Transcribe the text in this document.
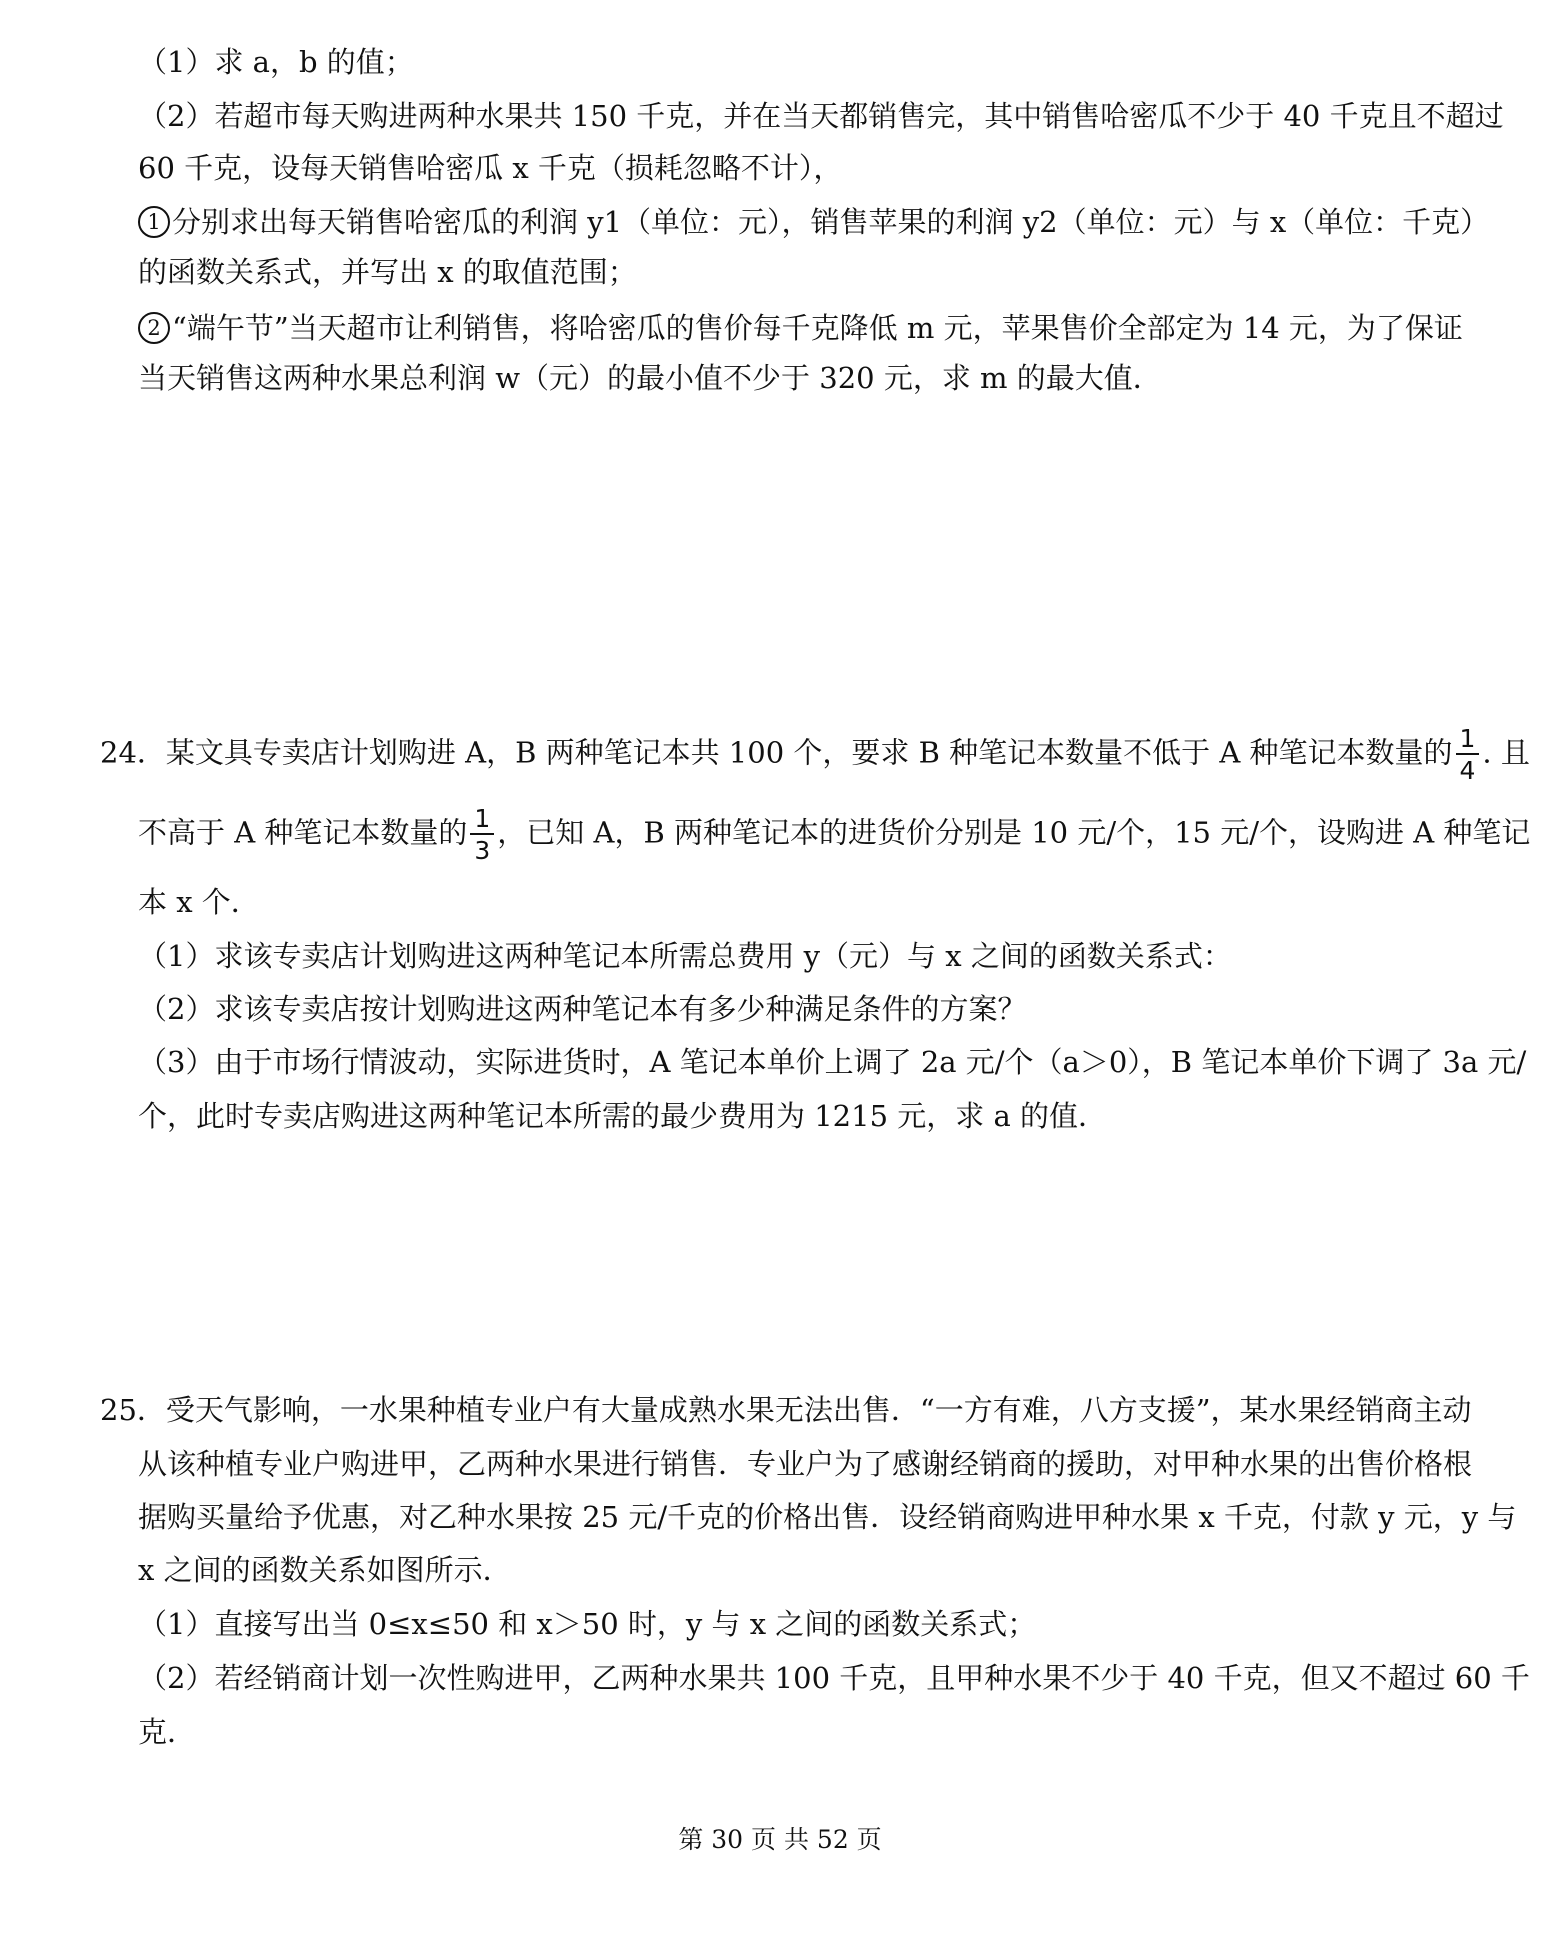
（1）求 a，b 的值；
（2）若超市每天购进两种水果共 150 千克，并在当天都销售完，其中销售哈密瓜不少于 40 千克且不超过
60 千克，设每天销售哈密瓜 x 千克（损耗忽略不计），
1 分别求出每天销售哈密瓜的利润 y1（单位：元），销售苹果的利润 y2（单位：元）与 x（单位：千克）
的函数关系式，并写出 x 的取值范围；
2 “端午节”当天超市让利销售，将哈密瓜的售价每千克降低 m 元，苹果售价全部定为 14 元，为了保证
当天销售这两种水果总利润 w（元）的最小值不少于 320 元，求 m 的最大值．
24．某文具专卖店计划购进 A，B 两种笔记本共 100 个，要求 B 种笔记本数量不低于 A 种笔记本数量的 $\frac{1}{4}$ . 且
不高于 A 种笔记本数量的 $\frac{1}{3}$ ，已知 A，B 两种笔记本的进货价分别是 10 元/个，15 元/个，设购进 A 种笔记
本 x 个．
（1）求该专卖店计划购进这两种笔记本所需总费用 y（元）与 x 之间的函数关系式：
（2）求该专卖店按计划购进这两种笔记本有多少种满足条件的方案？
（3）由于市场行情波动，实际进货时，A 笔记本单价上调了 2a 元/个（a＞0），B 笔记本单价下调了 3a 元/
个，此时专卖店购进这两种笔记本所需的最少费用为 1215 元，求 a 的值．
25．受天气影响，一水果种植专业户有大量成熟水果无法出售．“一方有难，八方支援”，某水果经销商主动
从该种植专业户购进甲，乙两种水果进行销售．专业户为了感谢经销商的援助，对甲种水果的出售价格根
据购买量给予优惠，对乙种水果按 25 元/千克的价格出售．设经销商购进甲种水果 x 千克，付款 y 元，y 与
x 之间的函数关系如图所示．
（1）直接写出当 0≤x≤50 和 x＞50 时，y 与 x 之间的函数关系式；
（2）若经销商计划一次性购进甲，乙两种水果共 100 千克，且甲种水果不少于 40 千克，但又不超过 60 千
克．
第 30 页 共 52 页
